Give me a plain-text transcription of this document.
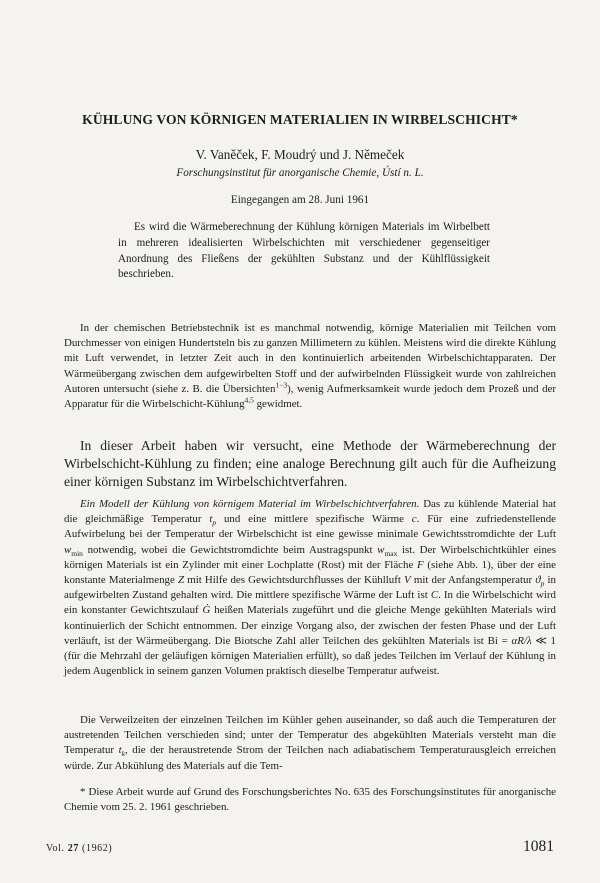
KÜHLUNG VON KÖRNIGEN MATERIALIEN IN WIRBELSCHICHT*
V. Vaněček, F. Moudrý und J. Němeček
Forschungsinstitut für anorganische Chemie, Ústí n. L.
Eingegangen am 28. Juni 1961
Es wird die Wärmeberechnung der Kühlung körnigen Materials im Wirbelbett in mehreren idealisierten Wirbelschichten mit verschiedener gegenseitiger Anordnung des Fließens der gekühlten Substanz und der Kühlflüssigkeit beschrieben.
In der chemischen Betriebstechnik ist es manchmal notwendig, körnige Materialien mit Teilchen vom Durchmesser von einigen Hundertsteln bis zu ganzen Millimetern zu kühlen. Meistens wird die direkte Kühlung mit Luft verwendet, in letzter Zeit auch in den kontinuierlich arbeitenden Wirbelschichtapparaten. Der Wärmeübergang zwischen dem aufgewirbelten Stoff und der aufwirbelnden Flüssigkeit wurde von zahlreichen Autoren untersucht (siehe z. B. die Übersichten$^{1-3}$), wenig Aufmerksamkeit wurde jedoch dem Prozeß und der Apparatur für die Wirbelschicht-Kühlung$^{4,5}$ gewidmet.
In dieser Arbeit haben wir versucht, eine Methode der Wärmeberechnung der Wirbelschicht-Kühlung zu finden; eine analoge Berechnung gilt auch für die Aufheizung einer körnigen Substanz im Wirbelschichtverfahren.
Ein Modell der Kühlung von körnigem Material im Wirbelschichtverfahren. Das zu kühlende Material hat die gleichmäßige Temperatur $t_p$ und eine mittlere spezifische Wärme c. Für eine zufriedenstellende Aufwirbelung bei der Temperatur der Wirbelschicht ist eine gewisse minimale Gewichtsstromdichte der Luft $w_{min}$ notwendig, wobei die Gewichtstromdichte beim Austragspunkt $w_{max}$ ist. Der Wirbelschichtkühler eines körnigen Materials ist ein Zylinder mit einer Lochplatte (Rost) mit der Fläche F (siehe Abb. 1), über der eine konstante Materialmenge Z mit Hilfe des Gewichtsdurchflusses der Kühlluft V mit der Anfangstemperatur $ϑ_p$ in aufgewirbelten Zustand gehalten wird. Die mittlere spezifische Wärme der Luft ist C. In die Wirbelschicht wird ein konstanter Gewichtszulauf Ġ heißen Materials zugeführt und die gleiche Menge gekühlten Materials wird kontinuierlich der Schicht entnommen. Der einzige Vorgang also, der zwischen der festen Phase und der Luft verläuft, ist der Wärmeübergang. Die Biotsche Zahl aller Teilchen des gekühlten Materials ist Bi = αR/λ ≪ 1 (für die Mehrzahl der geläufigen körnigen Materialien erfüllt), so daß jedes Teilchen im Verlauf der Kühlung in jedem Augenblick in seinem ganzen Volumen praktisch dieselbe Temperatur aufweist.
Die Verweilzeiten der einzelnen Teilchen im Kühler gehen auseinander, so daß auch die Temperaturen der austretenden Teilchen verschieden sind; unter der Temperatur des abgekühlten Materials versteht man die Temperatur $t_k$, die der heraustretende Strom der Teilchen nach adiabatischem Temperaturausgleich erreichen würde. Zur Abkühlung des Materials auf die Tem-
* Diese Arbeit wurde auf Grund des Forschungsberichtes No. 635 des Forschungsinstitutes für anorganische Chemie vom 25. 2. 1961 geschrieben.
Vol. 27 (1962)	1081
